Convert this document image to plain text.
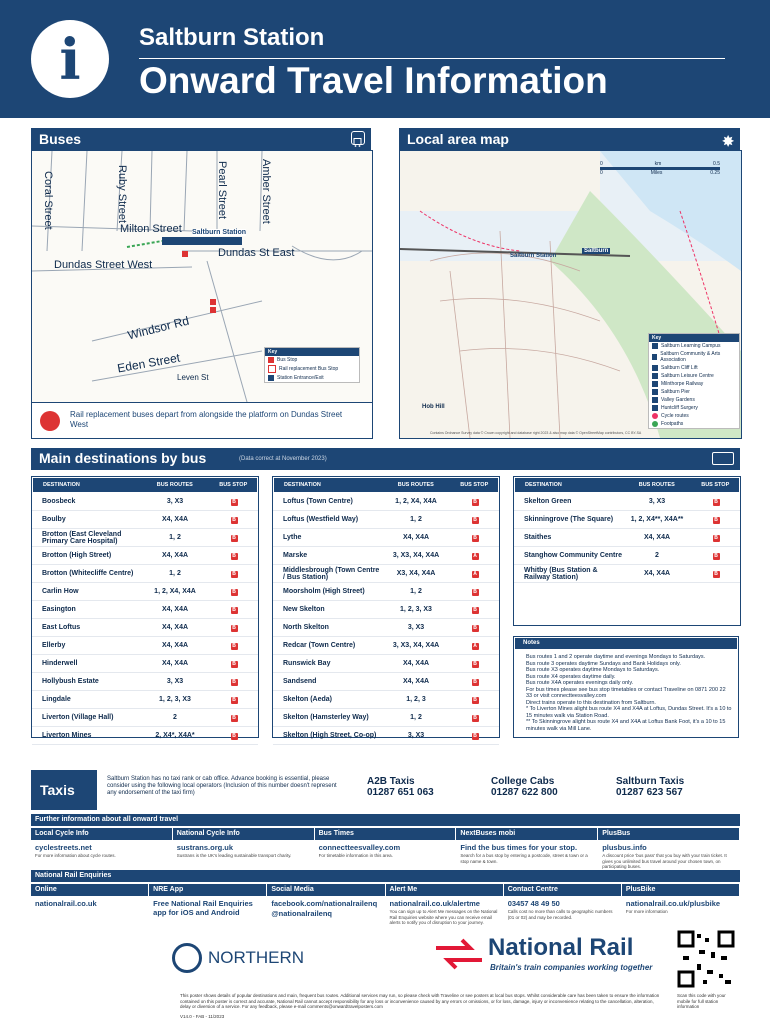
i	Saltburn Station
Onward Travel Information
Buses
Coral Street	Ruby Street	Pearl Street	Amber Street
Milton Street
Dundas Street West
Dundas St East
Windsor Rd
Eden Street
Leven St
Saltburn Station
Key
Bus Stop
Rail replacement Bus Stop
Station Entrance/Exit
Rail replacement buses depart from alongside the platform on Dundas Street West
Local area map	✸
0	km	0.5
0	Miles	0.25
Saltburn
Saltburn Station
Hob Hill
Key
Saltburn Learning Campus
Saltburn Community & Arts Association
Saltburn Cliff Lift
Saltburn Leisure Centre
Milnthorpe Railway
Saltburn Pier
Valley Gardens
Huntcliff Surgery
Cycle routes
Footpaths
Contains Ordnance Survey data © Crown copyright and database right 2023 & also map data © OpenStreetMap contributors, CC BY-SA
Main destinations by bus	(Data correct at November 2023)
DESTINATION	BUS ROUTES	BUS STOP
Boosbeck	3, X3	B
Boulby	X4, X4A	B
Brotton (East Cleveland Primary Care Hospital)	1, 2	B
Brotton (High Street)	X4, X4A	B
Brotton (Whitecliffe Centre)	1, 2	B
Carlin How	1, 2, X4, X4A	B
Easington	X4, X4A	B
East Loftus	X4, X4A	B
Ellerby	X4, X4A	B
Hinderwell	X4, X4A	B
Hollybush Estate	3, X3	B
Lingdale	1, 2, 3, X3	B
Liverton (Village Hall)	2	B
Liverton Mines	2, X4*, X4A*	B
DESTINATION	BUS ROUTES	BUS STOP
Loftus (Town Centre)	1, 2, X4, X4A	B
Loftus (Westfield Way)	1, 2	B
Lythe	X4, X4A	B
Marske	3, X3, X4, X4A	A
Middlesbrough (Town Centre / Bus Station)	X3, X4, X4A	A
Moorsholm (High Street)	1, 2	B
New Skelton	1, 2, 3, X3	B
North Skelton	3, X3	B
Redcar (Town Centre)	3, X3, X4, X4A	A
Runswick Bay	X4, X4A	B
Sandsend	X4, X4A	B
Skelton (Aeda)	1, 2, 3	B
Skelton (Hamsterley Way)	1, 2	B
Skelton (High Street, Co-op)	3, X3	B
DESTINATION	BUS ROUTES	BUS STOP
Skelton Green	3, X3	B
Skinningrove (The Square)	1, 2, X4**, X4A**	B
Staithes	X4, X4A	B
Stanghow Community Centre	2	B
Whitby (Bus Station & Railway Station)	X4, X4A	B
Notes
Bus routes 1 and 2 operate daytime and evenings Mondays to Saturdays.
Bus route 3 operates daytime Sundays and Bank Holidays only.
Bus route X3 operates daytime Mondays to Saturdays.
Bus route X4 operates daytime daily.
Bus route X4A operates evenings daily only.
For bus times please see bus stop timetables or contact Traveline on 0871 200 22 33 or visit connectteesvalley.com
Direct trains operate to this destination from Saltburn.
* To Liverton Mines alight bus route X4 and X4A at Loftus, Dundas Street. It's a 10 to 15 minutes walk via Station Road.
** To Skinningrove alight bus route X4 and X4A at Loftus Bank Foot, it's a 10 to 15 minutes walk via Mill Lane.
Taxis
Saltburn Station has no taxi rank or cab office. Advance booking is essential, please consider using the following local operators (Inclusion of this number doesn't represent any endorsement of the taxi firm)
A2B Taxis
01287 651 063
College Cabs
01287 622 800
Saltburn Taxis
01287 623 567
Further information about all onward travel
Local Cycle Info
cyclestreets.net
For more information about cycle routes.
National Cycle Info
sustrans.org.uk
Sustrans is the UK's leading sustainable transport charity.
Bus Times
connectteesvalley.com
For timetable information in this area.
NextBuses mobi
Find the bus times for your stop.
Search for a bus stop by entering a postcode, street & town or a stop name & town.
PlusBus
plusbus.info
A discount price 'bus pass' that you buy with your train ticket. It gives you unlimited bus travel around your chosen town, on participating buses.
National Rail Enquiries
Online
nationalrail.co.uk
NRE App
Free National Rail Enquiries app for iOS and Android
Social Media
facebook.com/nationalrailenq
@nationalrailenq
Alert Me
nationalrail.co.uk/alertme
You can sign up to Alert Me messages on the National Rail Enquiries website where you can receive email alerts to notify you of disruption to your journey.
Contact Centre
03457 48 49 50
Calls cost no more than calls to geographic numbers (01 or 02) and may be recorded.
PlusBike
nationalrail.co.uk/plusbike
For more information
NORTHERN	National Rail
Britain's train companies working together
This poster shows details of popular destinations and main, frequent bus routes. Additional services may run, so please check with Traveline or see posters at local bus stops. Whilst considerable care has been taken to ensure the information contained on this poster is correct and accurate, National Rail cannot accept responsibility for any loss or inconvenience caused by any errors or omissions, or for loss, damage, injury or inconvenience relating to the cancellation, alteration, delay or diversion of a service. For any feedback, please e-mail comments@onwardtravelposters.com
Scan this code with your mobile for full station information
V14.0 - FAB - 11/2023
